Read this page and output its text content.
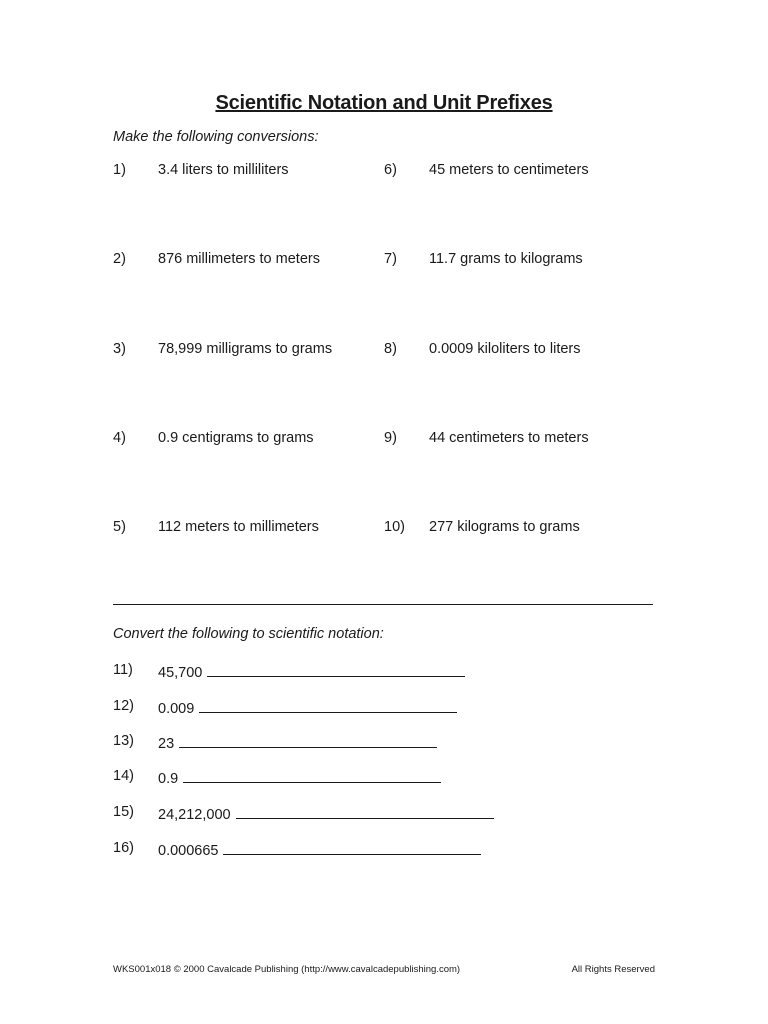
Scientific Notation and Unit Prefixes
Make the following conversions:
1) 3.4 liters to milliliters
2) 876 millimeters to meters
3) 78,999 milligrams to grams
4) 0.9 centigrams to grams
5) 112 meters to millimeters
6) 45 meters to centimeters
7) 11.7 grams to kilograms
8) 0.0009 kiloliters to liters
9) 44 centimeters to meters
10) 277 kilograms to grams
Convert the following to scientific notation:
11) 45,700
12) 0.009
13) 23
14) 0.9
15) 24,212,000
16) 0.000665
WKS001x018 © 2000 Cavalcade Publishing (http://www.cavalcadepublishing.com)	All Rights Reserved
